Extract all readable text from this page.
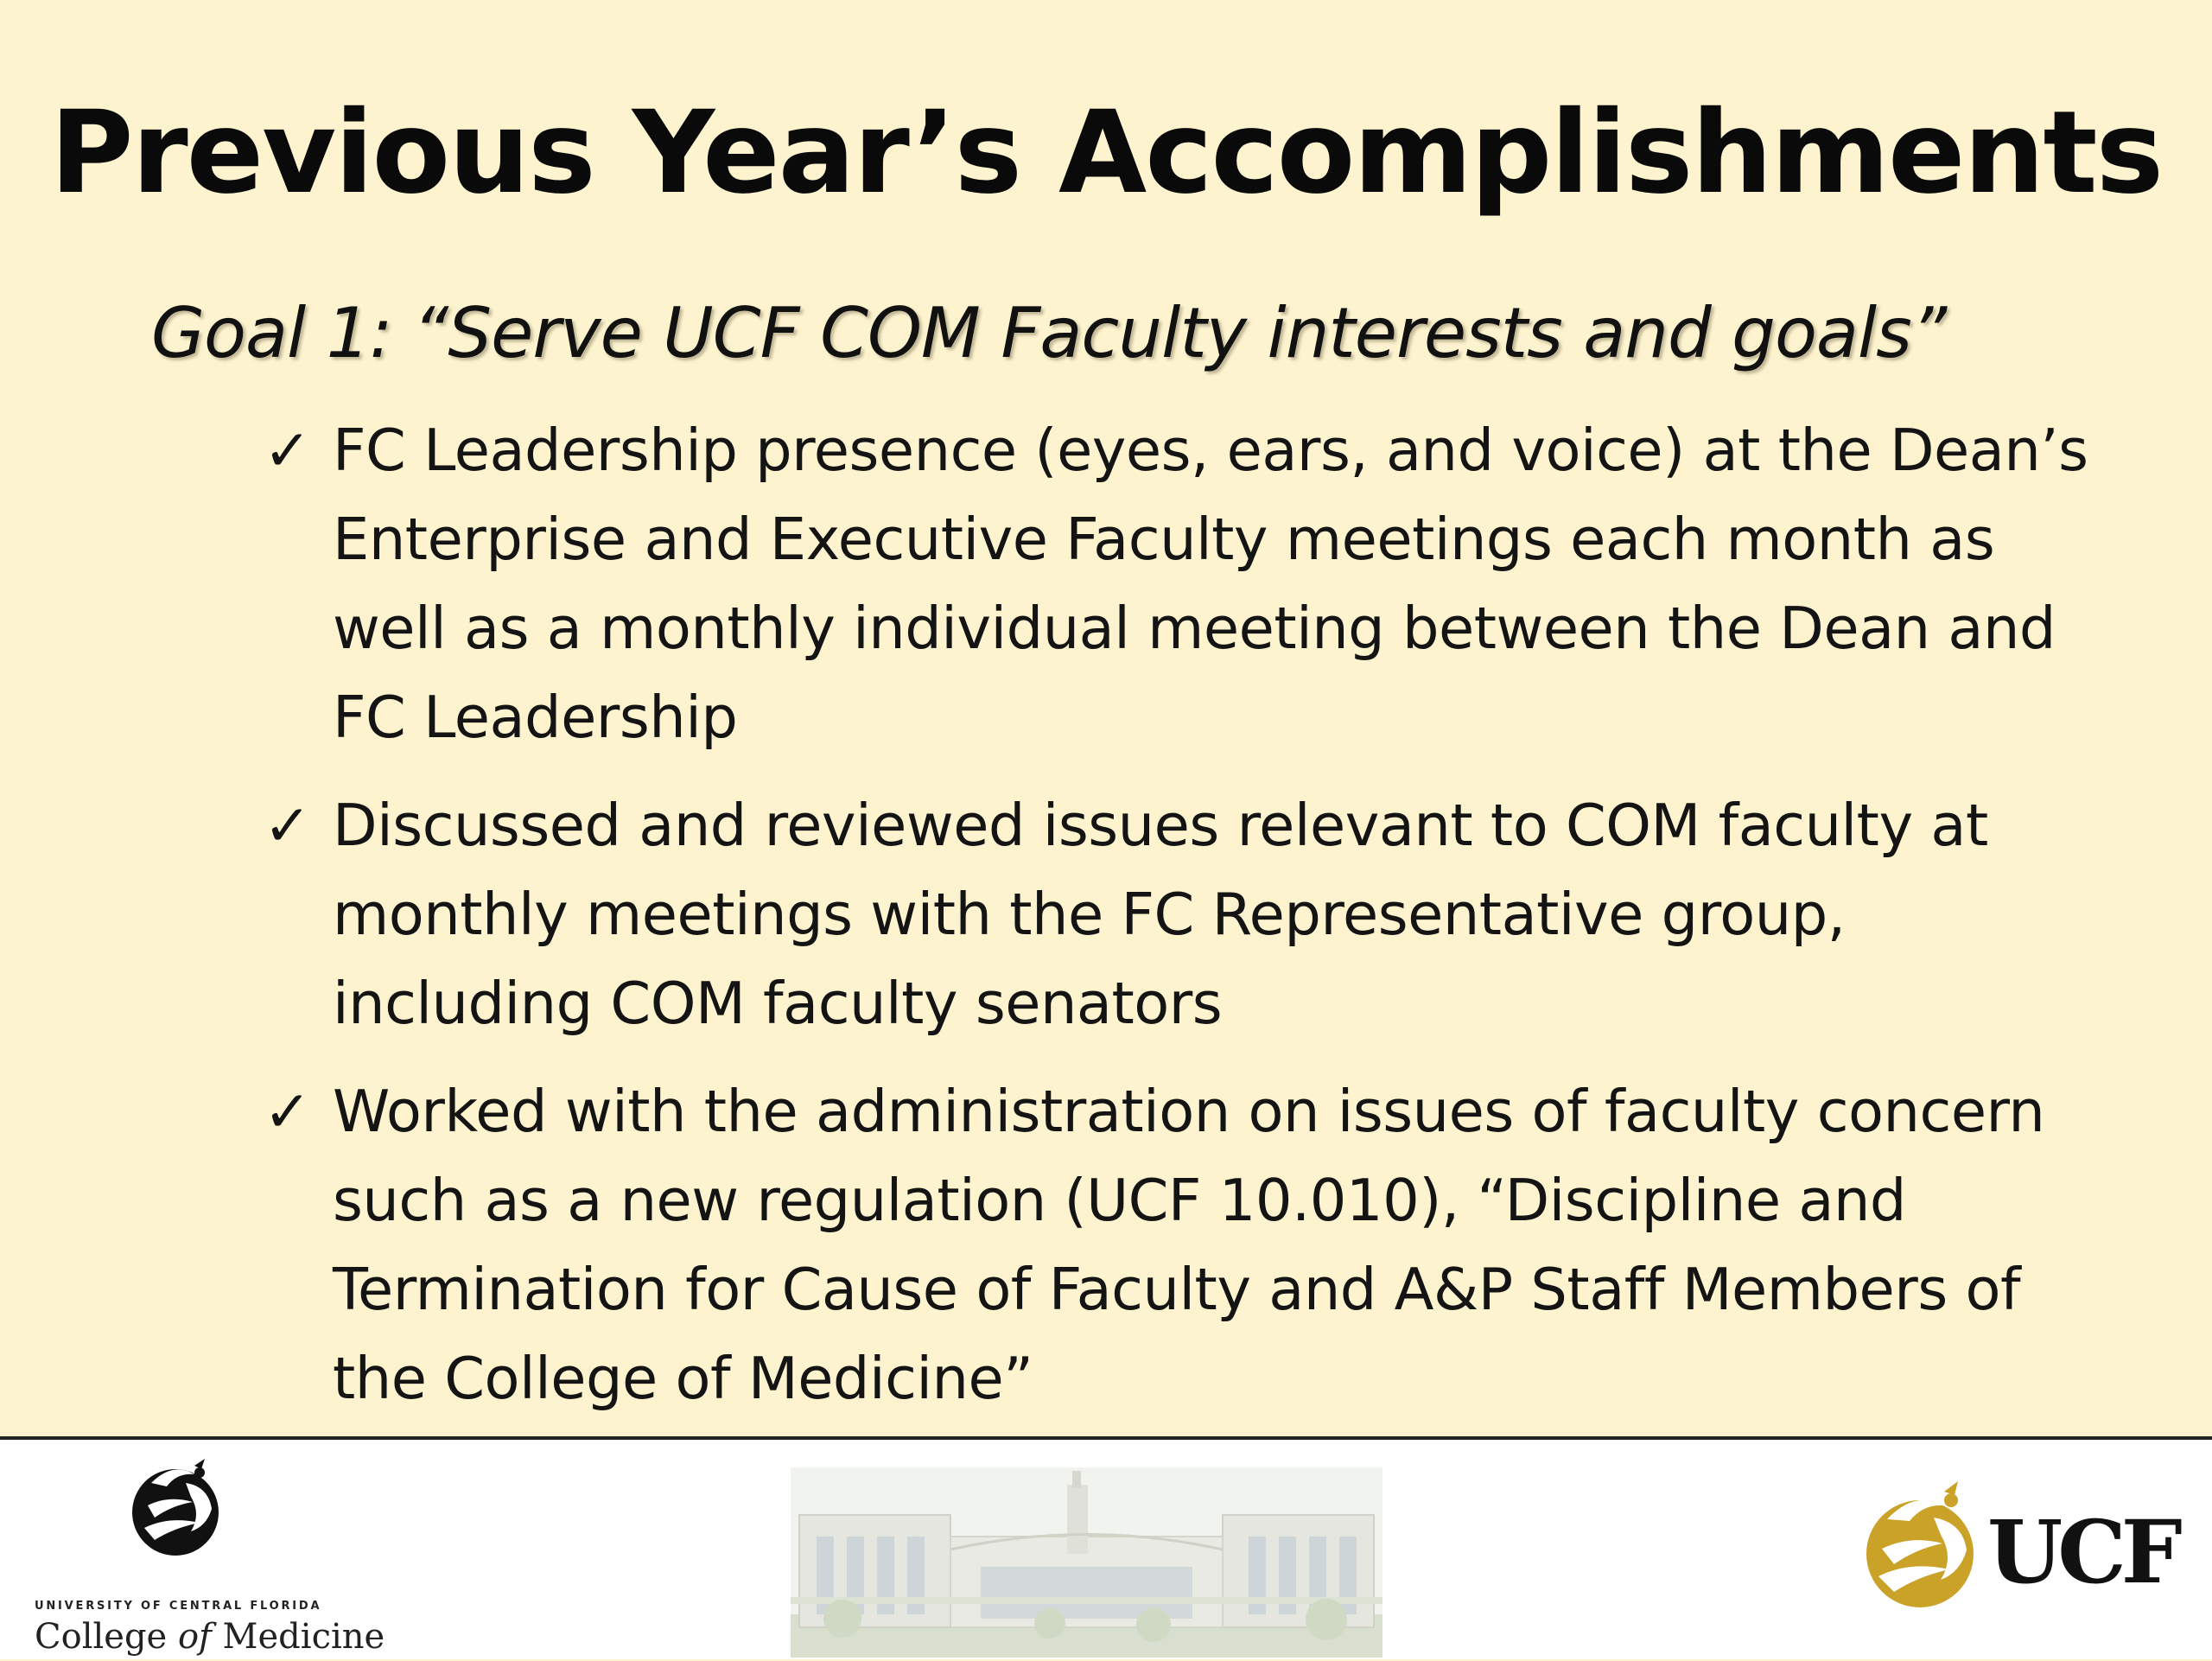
Previous Year’s Accomplishments
Goal 1: “Serve UCF COM Faculty interests and goals”
✓ FC Leadership presence (eyes, ears, and voice) at the Dean’s Enterprise and Executive Faculty meetings each month as well as a monthly individual meeting between the Dean and FC Leadership
✓ Discussed and reviewed issues relevant to COM faculty at monthly meetings with the FC Representative group, including COM faculty senators
✓ Worked with the administration on issues of faculty concern such as a new regulation (UCF 10.010), “Discipline and Termination for Cause of Faculty and A&P Staff Members of the College of Medicine”
UNIVERSITY OF CENTRAL FLORIDA
College of Medicine
UCF
